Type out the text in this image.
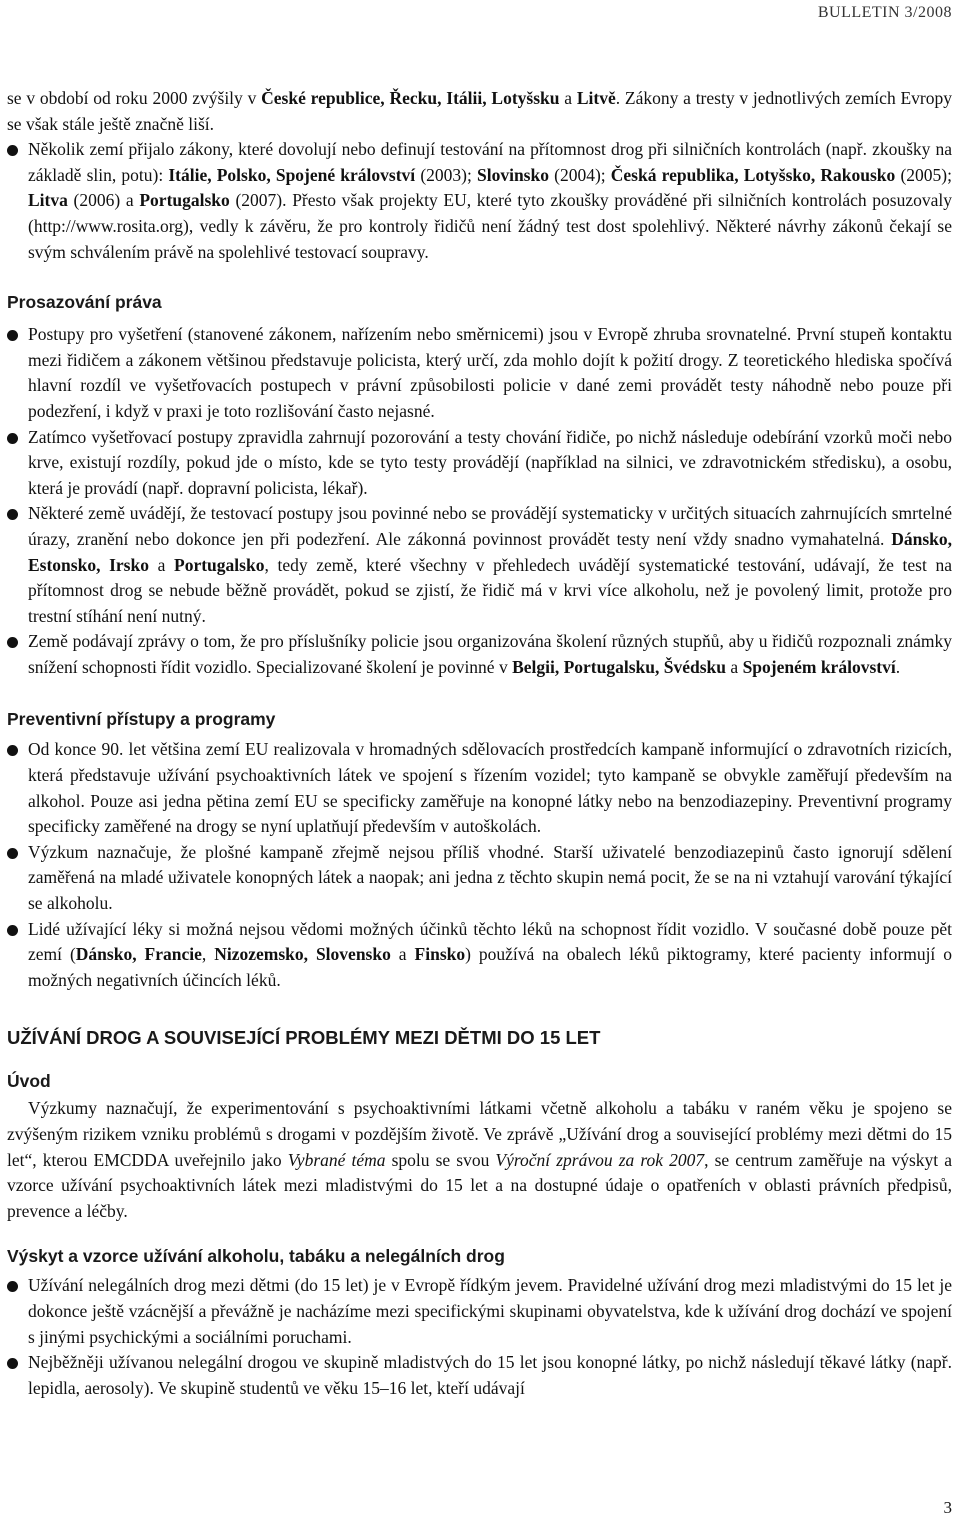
BULLETIN 3/2008

se v období od roku 2000 zvýšily v České republice, Řecku, Itálii, Lotyšsku a Litvě. Zákony a tresty v jednotlivých zemích Evropy se však stále ještě značně liší.

Několik zemí přijalo zákony, které dovolují nebo definují testování na přítomnost drog při silničních kontrolách (např. zkoušky na základě slin, potu): Itálie, Polsko, Spojené království (2003); Slovinsko (2004); Česká republika, Lotyšsko, Rakousko (2005); Litva (2006) a Portugalsko (2007). Přesto však projekty EU, které tyto zkoušky prováděné při silničních kontrolách posuzovaly (http://www.rosita.org), vedly k závěru, že pro kontroly řidičů není žádný test dost spolehlivý. Některé návrhy zákonů čekají se svým schválením právě na spolehlivé testovací soupravy.

Prosazování práva

Postupy pro vyšetření (stanovené zákonem, nařízením nebo směrnicemi) jsou v Evropě zhruba srovnatelné. První stupeň kontaktu mezi řidičem a zákonem většinou představuje policista, který určí, zda mohlo dojít k požití drogy. Z teoretického hlediska spočívá hlavní rozdíl ve vyšetřovacích postupech v právní způsobilosti policie v dané zemi provádět testy náhodně nebo pouze při podezření, i když v praxi je toto rozlišování často nejasné.

Zatímco vyšetřovací postupy zpravidla zahrnují pozorování a testy chování řidiče, po nichž následuje odebírání vzorků moči nebo krve, existují rozdíly, pokud jde o místo, kde se tyto testy provádějí (například na silnici, ve zdravotnickém středisku), a osobu, která je provádí (např. dopravní policista, lékař).

Některé země uvádějí, že testovací postupy jsou povinné nebo se provádějí systematicky v určitých situacích zahrnujících smrtelné úrazy, zranění nebo dokonce jen při podezření. Ale zákonná povinnost provádět testy není vždy snadno vymahatelná. Dánsko, Estonsko, Irsko a Portugalsko, tedy země, které všechny v přehledech uvádějí systematické testování, udávají, že test na přítomnost drog se nebude běžně provádět, pokud se zjistí, že řidič má v krvi více alkoholu, než je povolený limit, protože pro trestní stíhání není nutný.

Země podávají zprávy o tom, že pro příslušníky policie jsou organizována školení různých stupňů, aby u řidičů rozpoznali známky snížení schopnosti řídit vozidlo. Specializované školení je povinné v Belgii, Portugalsku, Švédsku a Spojeném království.

Preventivní přístupy a programy

Od konce 90. let většina zemí EU realizovala v hromadných sdělovacích prostředcích kampaně informující o zdravotních rizicích, která představuje užívání psychoaktivních látek ve spojení s řízením vozidel; tyto kampaně se obvykle zaměřují především na alkohol. Pouze asi jedna pětina zemí EU se specificky zaměřuje na konopné látky nebo na benzodiazepiny. Preventivní programy specificky zaměřené na drogy se nyní uplatňují především v autoškolách.

Výzkum naznačuje, že plošné kampaně zřejmě nejsou příliš vhodné. Starší uživatelé benzodiazepinů často ignorují sdělení zaměřená na mladé uživatele konopných látek a naopak; ani jedna z těchto skupin nemá pocit, že se na ni vztahují varování týkající se alkoholu.

Lidé užívající léky si možná nejsou vědomi možných účinků těchto léků na schopnost řídit vozidlo. V současné době pouze pět zemí (Dánsko, Francie, Nizozemsko, Slovensko a Finsko) používá na obalech léků piktogramy, které pacienty informují o možných negativních účincích léků.

UŽÍVÁNÍ DROG A SOUVISEJÍCÍ PROBLÉMY MEZI DĚTMI DO 15 LET

Úvod

Výzkumy naznačují, že experimentování s psychoaktivními látkami včetně alkoholu a tabáku v raném věku je spojeno se zvýšeným rizikem vzniku problémů s drogami v pozdějším životě. Ve zprávě „Užívání drog a související problémy mezi dětmi do 15 let“, kterou EMCDDA uveřejnilo jako Vybrané téma spolu se svou Výroční zprávou za rok 2007, se centrum zaměřuje na výskyt a vzorce užívání psychoaktivních látek mezi mladistvými do 15 let a na dostupné údaje o opatřeních v oblasti právních předpisů, prevence a léčby.

Výskyt a vzorce užívání alkoholu, tabáku a nelegálních drog

Užívání nelegálních drog mezi dětmi (do 15 let) je v Evropě řídkým jevem. Pravidelné užívání drog mezi mladistvými do 15 let je dokonce ještě vzácnější a převážně je nacházíme mezi specifickými skupinami obyvatelstva, kde k užívání drog dochází ve spojení s jinými psychickými a sociálními poruchami.

Nejběžněji užívanou nelegální drogou ve skupině mladistvých do 15 let jsou konopné látky, po nichž následují těkavé látky (např. lepidla, aerosoly). Ve skupině studentů ve věku 15–16 let, kteří udávají

3
